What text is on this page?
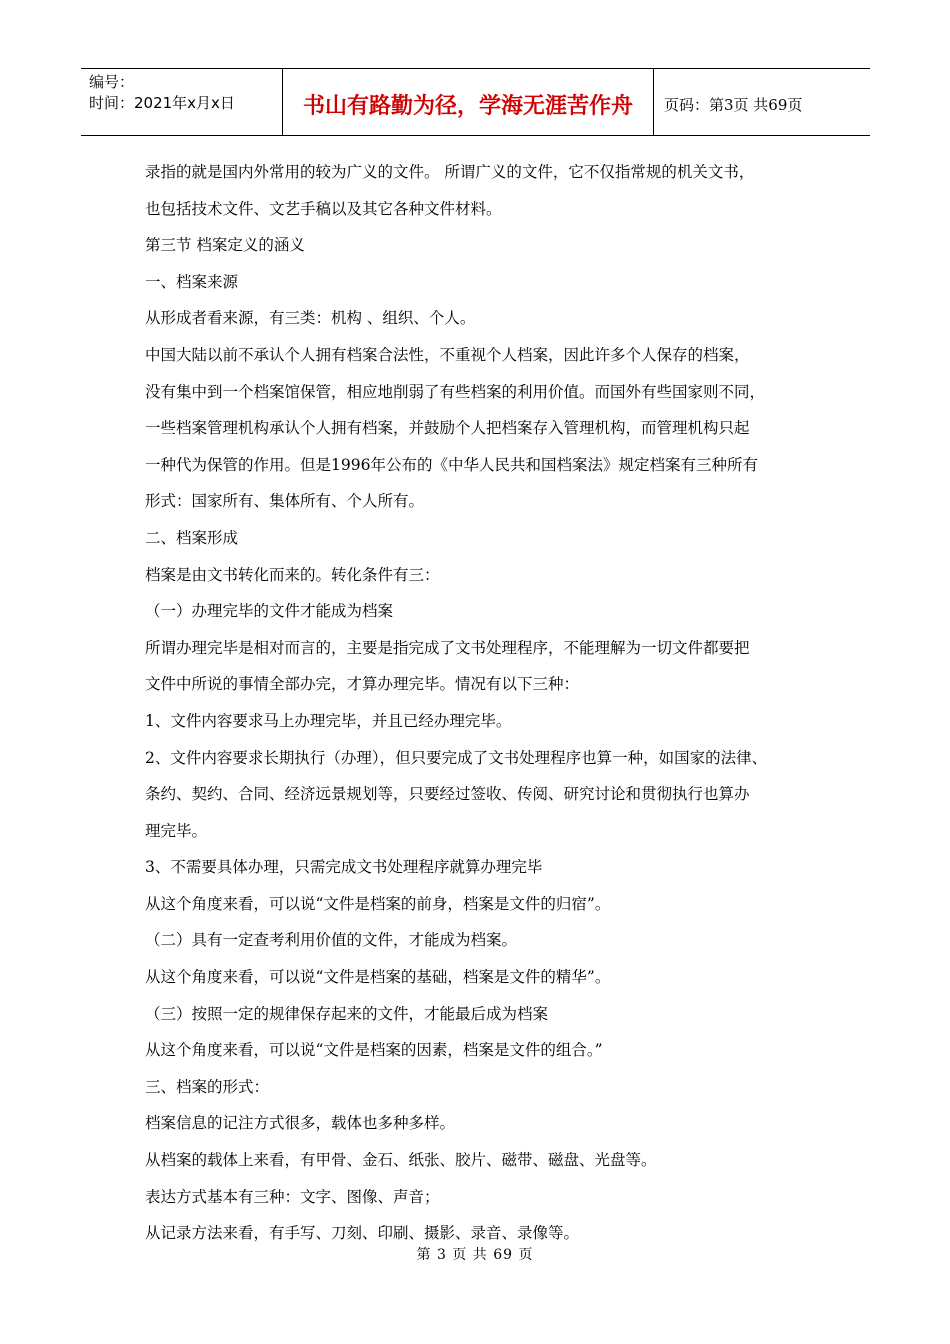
编号：
时间：2021年x月x日	书山有路勤为径，学海无涯苦作舟	页码：第3页 共69页
录指的就是国内外常用的较为广义的文件。 所谓广义的文件，它不仅指常规的机关文书，
也包括技术文件、文艺手稿以及其它各种文件材料。
第三节 档案定义的涵义
一、档案来源
从形成者看来源，有三类：机构 、组织、个人。
中国大陆以前不承认个人拥有档案合法性，不重视个人档案，因此许多个人保存的档案，
没有集中到一个档案馆保管，相应地削弱了有些档案的利用价值。而国外有些国家则不同，
一些档案管理机构承认个人拥有档案，并鼓励个人把档案存入管理机构，而管理机构只起
一种代为保管的作用。但是1996年公布的《中华人民共和国档案法》规定档案有三种所有
形式：国家所有、集体所有、个人所有。
二、档案形成
档案是由文书转化而来的。转化条件有三：
（一）办理完毕的文件才能成为档案
所谓办理完毕是相对而言的，主要是指完成了文书处理程序，不能理解为一切文件都要把
文件中所说的事情全部办完，才算办理完毕。情况有以下三种：
1、文件内容要求马上办理完毕，并且已经办理完毕。
2、文件内容要求长期执行（办理），但只要完成了文书处理程序也算一种，如国家的法律、
条约、契约、合同、经济远景规划等，只要经过签收、传阅、研究讨论和贯彻执行也算办
理完毕。
3、不需要具体办理，只需完成文书处理程序就算办理完毕
从这个角度来看，可以说“文件是档案的前身，档案是文件的归宿”。
（二）具有一定查考利用价值的文件，才能成为档案。
从这个角度来看，可以说“文件是档案的基础，档案是文件的精华”。
（三）按照一定的规律保存起来的文件，才能最后成为档案
从这个角度来看，可以说“文件是档案的因素，档案是文件的组合。”
三、档案的形式：
档案信息的记注方式很多，载体也多种多样。
从档案的载体上来看，有甲骨、金石、纸张、胶片、磁带、磁盘、光盘等。
表达方式基本有三种：文字、图像、声音；
从记录方法来看，有手写、刀刻、印刷、摄影、录音、录像等。
第 3 页 共 69 页
